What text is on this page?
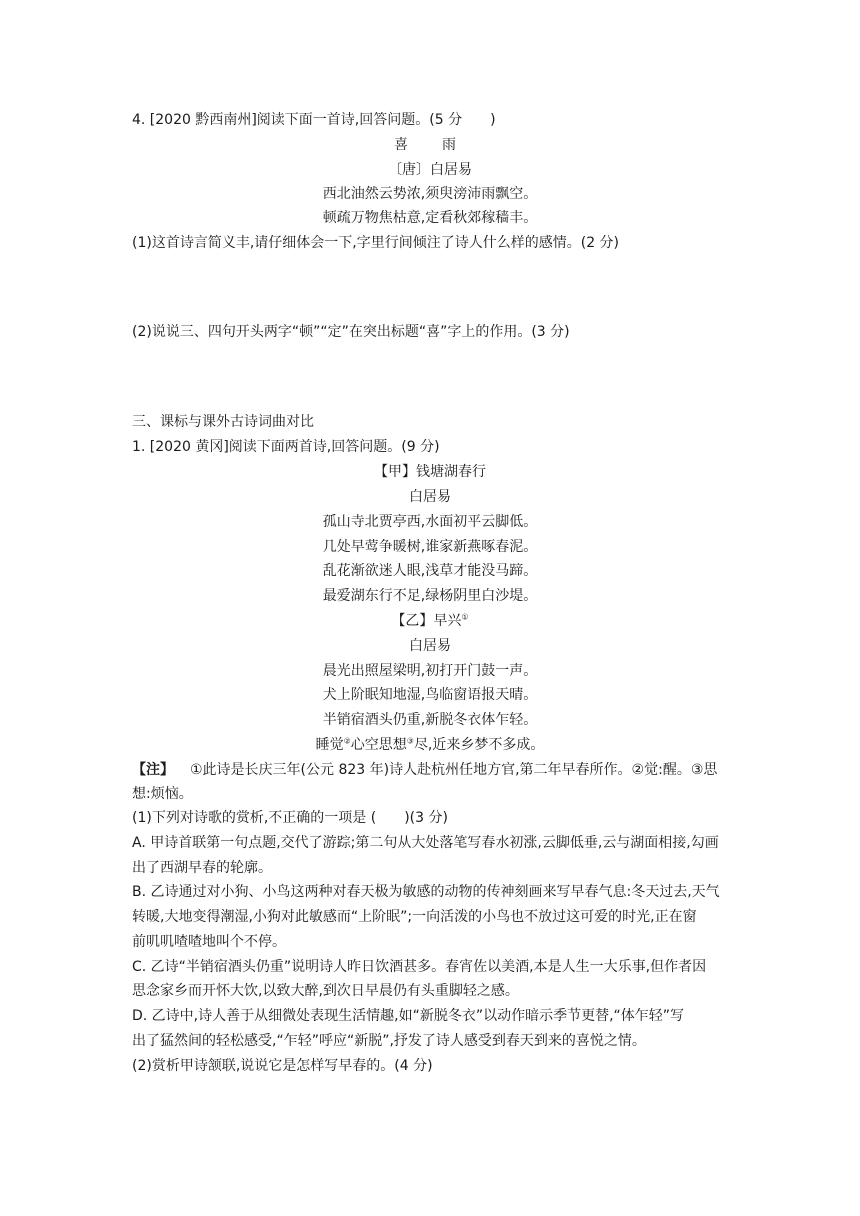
4. [2020 黔西南州]阅读下面一首诗,回答问题。(5 分　　)
喜　雨
〔唐〕白居易
西北油然云势浓,须臾滂沛雨飘空。
顿疏万物焦枯意,定看秋郊稼穑丰。
(1)这首诗言简义丰,请仔细体会一下,字里行间倾注了诗人什么样的感情。(2 分)
(2)说说三、四句开头两字“顿”“定”在突出标题“喜”字上的作用。(3 分)
三、课标与课外古诗词曲对比
1. [2020 黄冈]阅读下面两首诗,回答问题。(9 分)
【甲】钱塘湖春行
白居易
孤山寺北贾亭西,水面初平云脚低。
几处早莺争暖树,谁家新燕啄春泥。
乱花渐欲迷人眼,浅草才能没马蹄。
最爱湖东行不足,绿杨阴里白沙堤。
【乙】早兴①
白居易
晨光出照屋梁明,初打开门鼓一声。
犬上阶眠知地湿,鸟临窗语报天晴。
半销宿酒头仍重,新脱冬衣体乍轻。
睡觉②心空思想③尽,近来乡梦不多成。
【注】 ①此诗是长庆三年(公元 823 年)诗人赴杭州任地方官,第二年早春所作。②觉:醒。③思
想:烦恼。
(1)下列对诗歌的赏析,不正确的一项是 (　　)(3 分)
A. 甲诗首联第一句点题,交代了游踪;第二句从大处落笔写春水初涨,云脚低垂,云与湖面相接,勾画
出了西湖早春的轮廓。
B. 乙诗通过对小狗、小鸟这两种对春天极为敏感的动物的传神刻画来写早春气息:冬天过去,天气
转暖,大地变得潮湿,小狗对此敏感而“上阶眠”;一向活泼的小鸟也不放过这可爱的时光,正在窗
前叽叽喳喳地叫个不停。
C. 乙诗“半销宿酒头仍重”说明诗人昨日饮酒甚多。春宵佐以美酒,本是人生一大乐事,但作者因
思念家乡而开怀大饮,以致大醉,到次日早晨仍有头重脚轻之感。
D. 乙诗中,诗人善于从细微处表现生活情趣,如“新脱冬衣”以动作暗示季节更替,“体乍轻”写
出了猛然间的轻松感受,“乍轻”呼应“新脱”,抒发了诗人感受到春天到来的喜悦之情。
(2)赏析甲诗颔联,说说它是怎样写早春的。(4 分)
